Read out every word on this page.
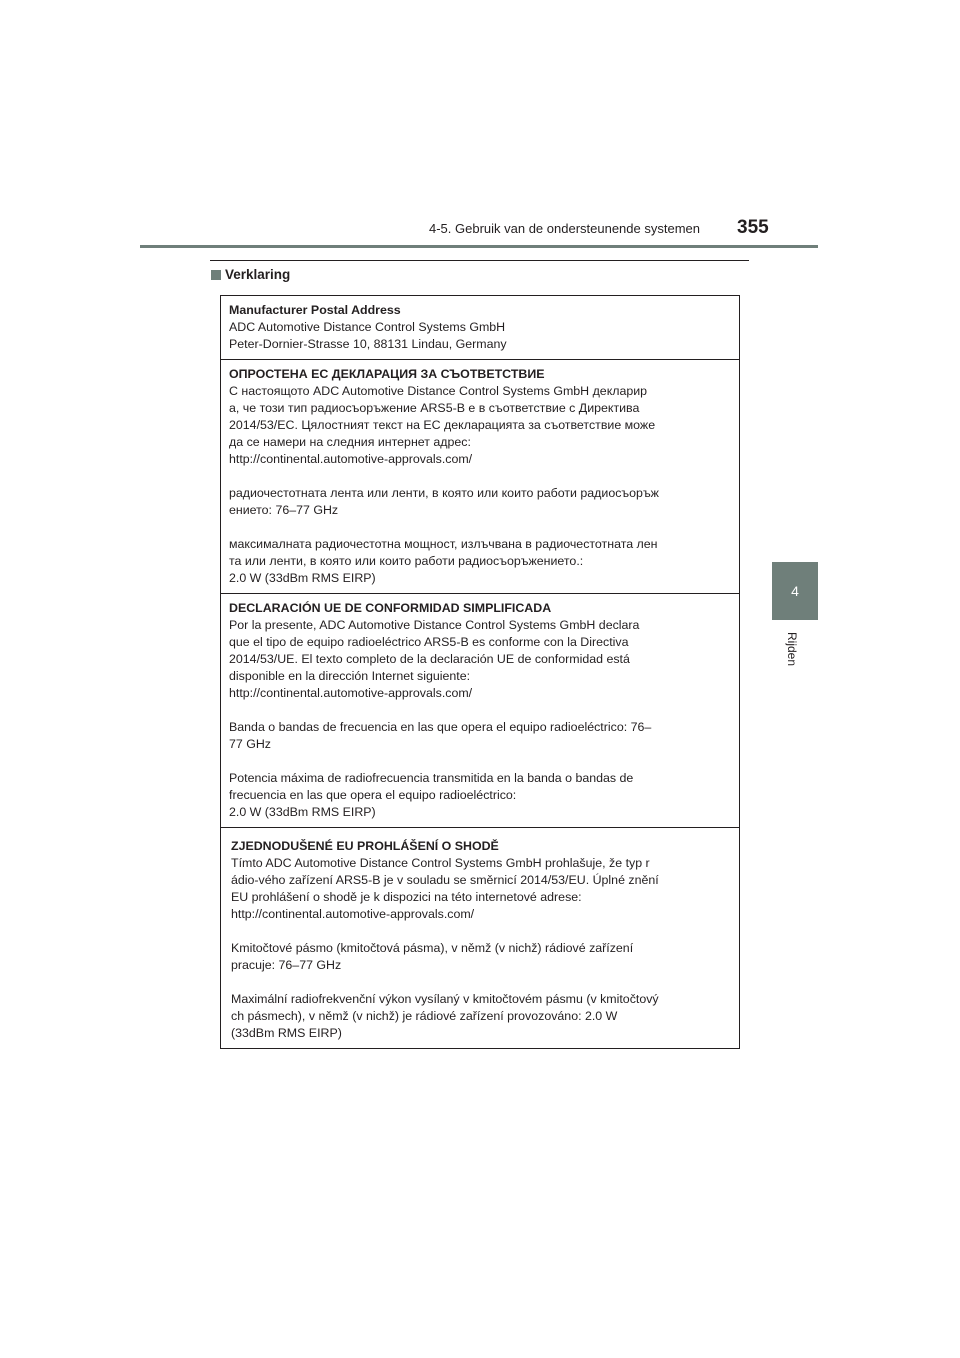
4-5. Gebruik van de ondersteunende systemen 355
4
Rijden
Verklaring

Manufacturer Postal Address

ADC Automotive Distance Control Systems GmbH

Peter-Dornier-Strasse 10, 88131 Lindau, Germany

ОПРОСТЕНА ЕС ДЕКЛАРАЦИЯ ЗА СЪОТВЕТСТВИЕ

С настоящото ADC Automotive Distance Control Systems GmbH декларир

а, че този тип радиосъоръжение ARS5-B е в съответствие с Директива

2014/53/ЕС. Цялостният текст на ЕС декларацията за съответствие може

да се намери на следния интернет адрес:

http://continental.automotive-approvals.com/

радиочестотната лента или ленти, в която или които работи радиосъоръж

ението: 76–77 GHz

максималната радиочестотна мощност, излъчвана в радиочестотната лен

та или ленти, в която или които работи радиосъоръжението.:

2.0 W (33dBm RMS EIRP)

DECLARACIÓN UE DE CONFORMIDAD SIMPLIFICADA

Por la presente, ADC Automotive Distance Control Systems GmbH declara

que el tipo de equipo radioeléctrico ARS5-B es conforme con la Directiva

2014/53/UE. El texto completo de la declaración UE de conformidad está

disponible en la dirección Internet siguiente:

http://continental.automotive-approvals.com/

Banda o bandas de frecuencia en las que opera el equipo radioeléctrico: 76–

77 GHz

Potencia máxima de radiofrecuencia transmitida en la banda o bandas de

frecuencia en las que opera el equipo radioeléctrico:

2.0 W (33dBm RMS EIRP)

ZJEDNODUŠENÉ EU PROHLÁŠENÍ O SHODĚ

Tímto ADC Automotive Distance Control Systems GmbH prohlašuje, že typ r

ádio-vého zařízení ARS5-B je v souladu se směrnicí 2014/53/EU. Úplné znění

EU prohlášení o shodě je k dispozici na této internetové adrese:

http://continental.automotive-approvals.com/

Kmitočtové pásmo (kmitočtová pásma), v němž (v nichž) rádiové zařízení

pracuje: 76–77 GHz

Maximální radiofrekvenční výkon vysílaný v kmitočtovém pásmu (v kmitočtový

ch pásmech), v němž (v nichž) je rádiové zařízení provozováno: 2.0 W

(33dBm RMS EIRP)
